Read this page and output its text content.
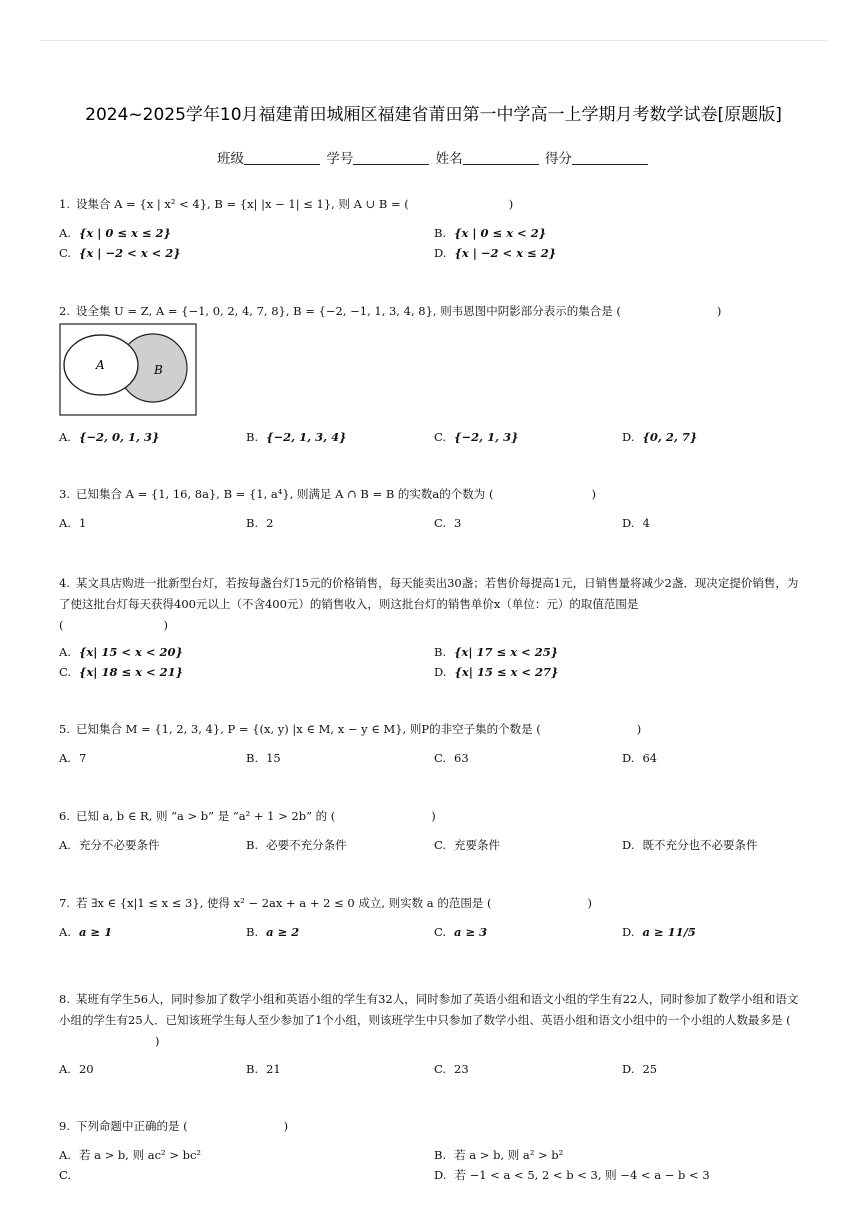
2024~2025学年10月福建莆田城厢区福建省莆田第一中学高一上学期月考数学试卷[原题版]
班级	学号	姓名	得分
1. 设集合 A = {x | x² < 4}, B = {x| |x − 1| ≤ 1}, 则 A ∪ B = (	)
A. {x | 0 ≤ x ≤ 2}	B. {x | 0 ≤ x < 2}
C. {x | −2 < x < 2}	D. {x | −2 < x ≤ 2}
2. 设全集 U = Z, A = {−1, 0, 2, 4, 7, 8}, B = {−2, −1, 1, 3, 4, 8}, 则韦恩图中阴影部分表示的集合是 (	)
A	B
A. {−2, 0, 1, 3}	B. {−2, 1, 3, 4}	C. {−2, 1, 3}	D. {0, 2, 7}
3. 已知集合 A = {1, 16, 8a}, B = {1, a⁴}, 则满足 A ∩ B = B 的实数a的个数为 (	)
A. 1	B. 2	C. 3	D. 4
4. 某文具店购进一批新型台灯，若按每盏台灯15元的价格销售，每天能卖出30盏；若售价每提高1元，日销售量将减少2盏．现决定提价销售，为了使这批台灯每天获得400元以上（不含400元）的销售收入，则这批台灯的销售单价x（单位：元）的取值范围是
(	)
A. {x| 15 < x < 20}	B. {x| 17 ≤ x < 25}
C. {x| 18 ≤ x < 21}	D. {x| 15 ≤ x < 27}
5. 已知集合 M = {1, 2, 3, 4}, P = {(x, y) |x ∈ M, x − y ∈ M}, 则P的非空子集的个数是 (	)
A. 7	B. 15	C. 63	D. 64
6. 已知 a, b ∈ R, 则 “a > b” 是 “a² + 1 > 2b” 的 (	)
A. 充分不必要条件	B. 必要不充分条件	C. 充要条件	D. 既不充分也不必要条件
7. 若 ∃x ∈ {x|1 ≤ x ≤ 3}, 使得 x² − 2ax + a + 2 ≤ 0 成立, 则实数 a 的范围是 (	)
A. a ≥ 1	B. a ≥ 2	C. a ≥ 3	D. a ≥ 11/5
8. 某班有学生56人，同时参加了数学小组和英语小组的学生有32人，同时参加了英语小组和语文小组的学生有22人，同时参加了数学小组和语文小组的学生有25人．已知该班学生每人至少参加了1个小组，则该班学生中只参加了数学小组、英语小组和语文小组中的一个小组的人数最多是 ()
A. 20	B. 21	C. 23	D. 25
9. 下列命题中正确的是 (	)
A. 若 a > b, 则 ac² > bc²	B. 若 a > b, 则 a² > b²
C.	D. 若 −1 < a < 5, 2 < b < 3, 则 −4 < a − b < 3
